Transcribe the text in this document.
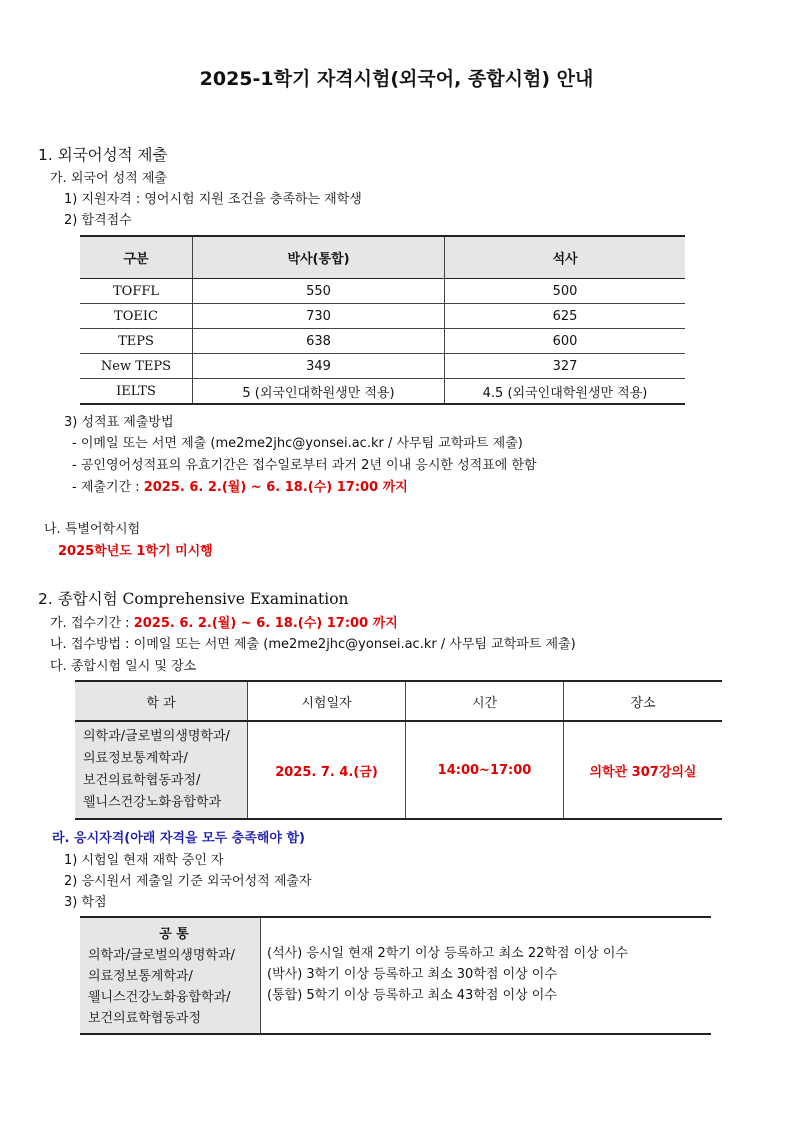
2025-1학기 자격시험(외국어, 종합시험) 안내
1. 외국어성적 제출
가. 외국어 성적 제출
1) 지원자격 : 영어시험 지원 조건을 충족하는 재학생
2) 합격점수
구분	박사(통합)	석사
TOFFL	550	500
TOEIC	730	625
TEPS	638	600
New TEPS	349	327
IELTS	5 (외국인대학원생만 적용)	4.5 (외국인대학원생만 적용)
3) 성적표 제출방법
- 이메일 또는 서면 제출 (me2me2jhc@yonsei.ac.kr / 사무팀 교학파트 제출)
- 공인영어성적표의 유효기간은 접수일로부터 과거 2년 이내 응시한 성적표에 한함
- 제출기간 : 2025. 6. 2.(월) ~ 6. 18.(수) 17:00 까지
나. 특별어학시험
2025학년도 1학기 미시행
2. 종합시험 Comprehensive Examination
가. 접수기간 : 2025. 6. 2.(월) ~ 6. 18.(수) 17:00 까지
나. 접수방법 : 이메일 또는 서면 제출 (me2me2jhc@yonsei.ac.kr / 사무팀 교학파트 제출)
다. 종합시험 일시 및 장소
학 과	시험일자	시간	장소

의학과/글로벌의생명학과/
의료정보통계학과/
보건의료학협동과정/
웰니스건강노화융합학과	2025. 7. 4.(금)	14:00~17:00	의학관 307강의실
라. 응시자격(아래 자격을 모두 충족해야 함)
1) 시험일 현재 재학 중인 자
2) 응시원서 제출일 기준 외국어성적 제출자
3) 학점
공 통
의학과/글로벌의생명학과/
의료정보통계학과/
웰니스건강노화융합학과/
보건의료학협동과정

(석사) 응시일 현재 2학기 이상 등록하고 최소 22학점 이상 이수
(박사) 3학기 이상 등록하고 최소 30학점 이상 이수
(통합) 5학기 이상 등록하고 최소 43학점 이상 이수
